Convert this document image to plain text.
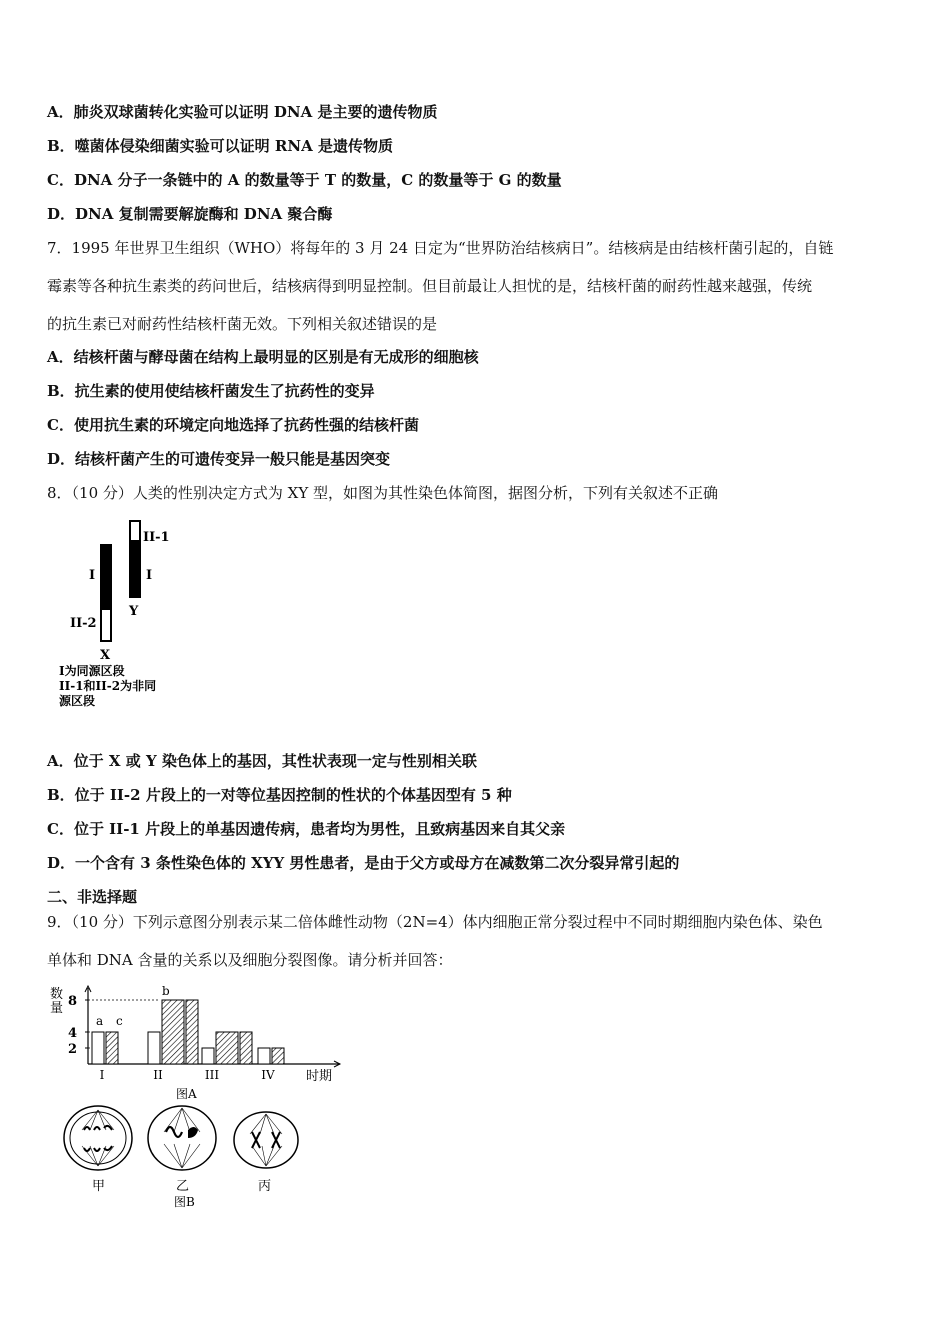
A．肺炎双球菌转化实验可以证明 DNA 是主要的遗传物质
B．噬菌体侵染细菌实验可以证明 RNA 是遗传物质
C．DNA 分子一条链中的 A 的数量等于 T 的数量，C 的数量等于 G 的数量
D．DNA 复制需要解旋酶和 DNA 聚合酶
7．1995 年世界卫生组织（WHO）将每年的 3 月 24 日定为“世界防治结核病日”。结核病是由结核杆菌引起的，自链
霉素等各种抗生素类的药问世后，结核病得到明显控制。但目前最让人担忧的是，结核杆菌的耐药性越来越强，传统
的抗生素已对耐药性结核杆菌无效。下列相关叙述错误的是
A．结核杆菌与酵母菌在结构上最明显的区别是有无成形的细胞核
B．抗生素的使用使结核杆菌发生了抗药性的变异
C．使用抗生素的环境定向地选择了抗药性强的结核杆菌
D．结核杆菌产生的可遗传变异一般只能是基因突变
8．（10 分）人类的性别决定方式为 XY 型，如图为其性染色体简图，据图分析，下列有关叙述不正确
II-1
I	I
Y
II-2
X
I为同源区段
II-1和II-2为非同
源区段
A．位于 X 或 Y 染色体上的基因，其性状表现一定与性别相关联
B．位于 II-2 片段上的一对等位基因控制的性状的个体基因型有 5 种
C．位于 II-1 片段上的单基因遗传病，患者均为男性，且致病基因来自其父亲
D．一个含有 3 条性染色体的 XYY 男性患者，是由于父方或母方在减数第二次分裂异常引起的
二、非选择题
9．（10 分）下列示意图分别表示某二倍体雌性动物（2N=4）体内细胞正常分裂过程中不同时期细胞内染色体、染色
单体和 DNA 含量的关系以及细胞分裂图像。请分析并回答：
数
量
2
4
8
I	II	III	IV
a
b
c
时期
图A
甲	乙	丙
图B
